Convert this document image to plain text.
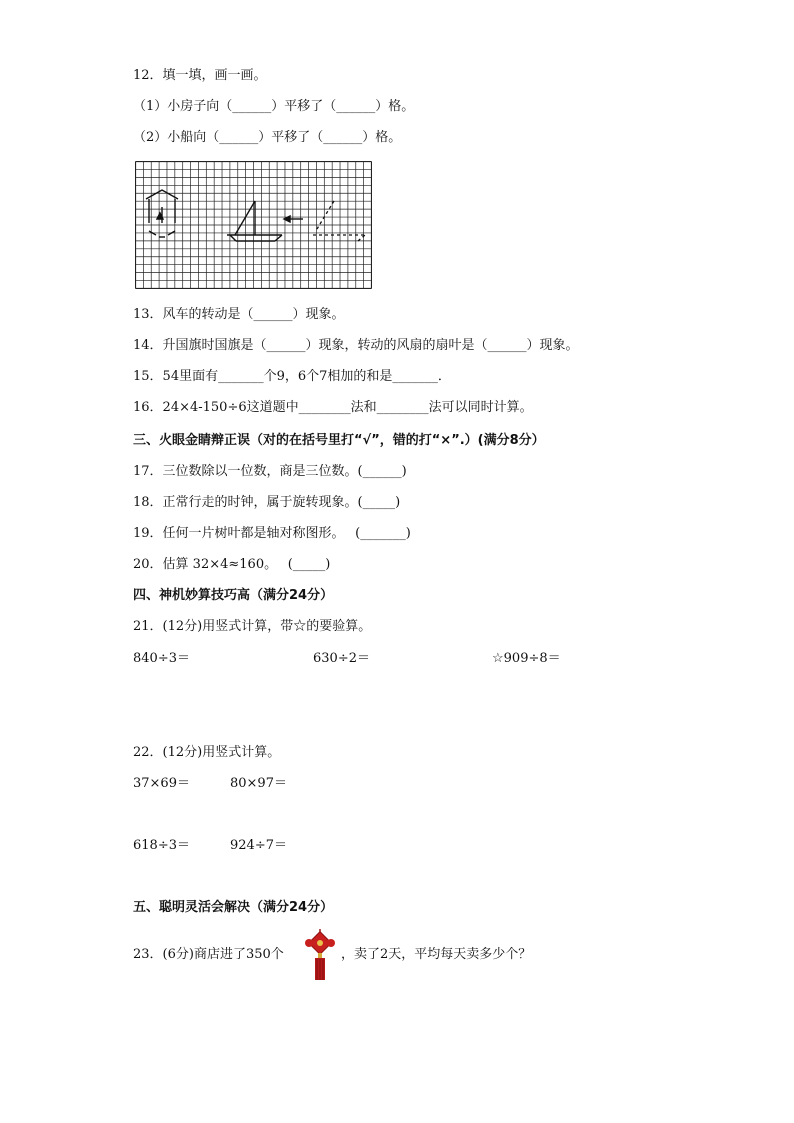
12．填一填，画一画。
（1）小房子向（______）平移了（______）格。
（2）小船向（______）平移了（______）格。
13．风车的转动是（______）现象。
14．升国旗时国旗是（______）现象，转动的风扇的扇叶是（______）现象。
15．54里面有_______个9，6个7相加的和是_______．
16．24×4-150÷6这道题中________法和________法可以同时计算。
三、火眼金睛辩正误（对的在括号里打“√”，错的打“×”.）(满分8分）
17．三位数除以一位数，商是三位数。(______)
18．正常行走的时钟，属于旋转现象。(_____)
19．任何一片树叶都是轴对称图形。　 (_______)
20．估算 32×4≈160。　 (_____)
四、神机妙算技巧高（满分24分）
21．(12分)用竖式计算，带☆的要验算。
840÷3＝	630÷2＝	☆909÷8＝
22．(12分)用竖式计算。
37×69＝	80×97＝
618÷3＝	924÷7＝
五、聪明灵活会解决（满分24分）
23．(6分)商店进了350个	，卖了2天，平均每天卖多少个？
